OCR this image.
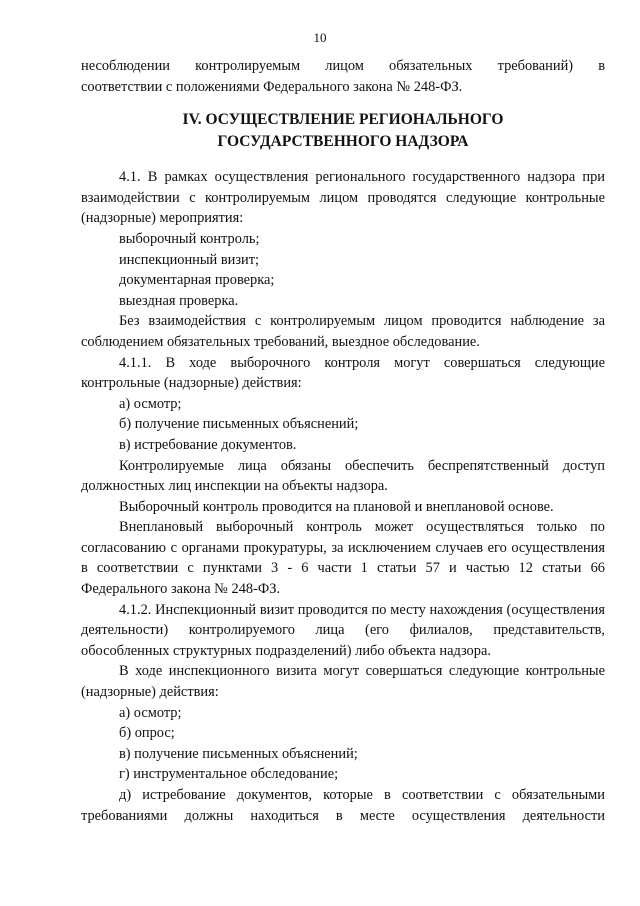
10

несоблюдении контролируемым лицом обязательных требований) в

соответствии с положениями Федерального закона № 248-ФЗ.

IV. ОСУЩЕСТВЛЕНИЕ РЕГИОНАЛЬНОГО
ГОСУДАРСТВЕННОГО НАДЗОРА

4.1. В рамках осуществления регионального государственного надзора при взаимодействии с контролируемым лицом проводятся следующие контрольные (надзорные) мероприятия:

выборочный контроль;

инспекционный визит;

документарная проверка;

выездная проверка.

Без взаимодействия с контролируемым лицом проводится наблюдение за соблюдением обязательных требований, выездное обследование.

4.1.1. В ходе выборочного контроля могут совершаться следующие контрольные (надзорные) действия:

а) осмотр;

б) получение письменных объяснений;

в) истребование документов.

Контролируемые лица обязаны обеспечить беспрепятственный доступ должностных лиц инспекции на объекты надзора.

Выборочный контроль проводится на плановой и внеплановой основе.

Внеплановый выборочный контроль может осуществляться только по согласованию с органами прокуратуры, за исключением случаев его осуществления в соответствии с пунктами 3 - 6 части 1 статьи 57 и частью 12 статьи 66 Федерального закона № 248-ФЗ.

4.1.2. Инспекционный визит проводится по месту нахождения (осуществления деятельности) контролируемого лица (его филиалов, представительств, обособленных структурных подразделений) либо объекта надзора.

В ходе инспекционного визита могут совершаться следующие контрольные (надзорные) действия:

а) осмотр;

б) опрос;

в) получение письменных объяснений;

г) инструментальное обследование;

д) истребование документов, которые в соответствии с обязательными требованиями должны находиться в месте осуществления деятельности
